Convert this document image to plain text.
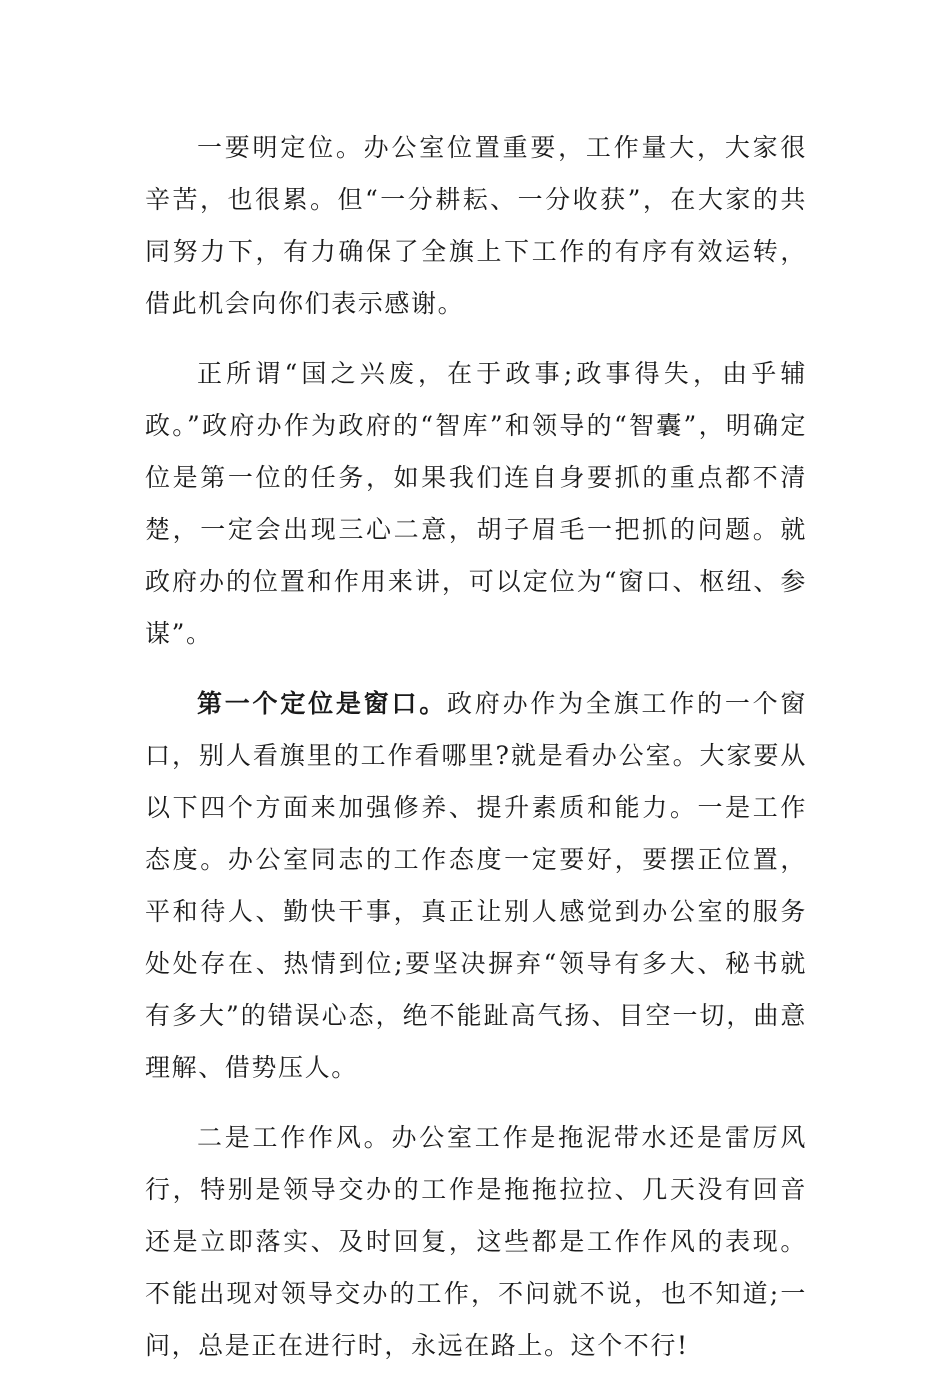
一要明定位。办公室位置重要，工作量大，大家很辛苦，也很累。但“一分耕耘、一分收获”，在大家的共同努力下，有力确保了全旗上下工作的有序有效运转，借此机会向你们表示感谢。

正所谓“国之兴废，在于政事;政事得失，由乎辅政。”政府办作为政府的“智库”和领导的“智囊”，明确定位是第一位的任务，如果我们连自身要抓的重点都不清楚，一定会出现三心二意，胡子眉毛一把抓的问题。就政府办的位置和作用来讲，可以定位为“窗口、枢纽、参谋”。

第一个定位是窗口。政府办作为全旗工作的一个窗口，别人看旗里的工作看哪里?就是看办公室。大家要从以下四个方面来加强修养、提升素质和能力。一是工作态度。办公室同志的工作态度一定要好，要摆正位置，平和待人、勤快干事，真正让别人感觉到办公室的服务处处存在、热情到位;要坚决摒弃“领导有多大、秘书就有多大”的错误心态，绝不能趾高气扬、目空一切，曲意理解、借势压人。

二是工作作风。办公室工作是拖泥带水还是雷厉风行，特别是领导交办的工作是拖拖拉拉、几天没有回音还是立即落实、及时回复，这些都是工作作风的表现。不能出现对领导交办的工作，不问就不说，也不知道;一问，总是正在进行时，永远在路上。这个不行!
